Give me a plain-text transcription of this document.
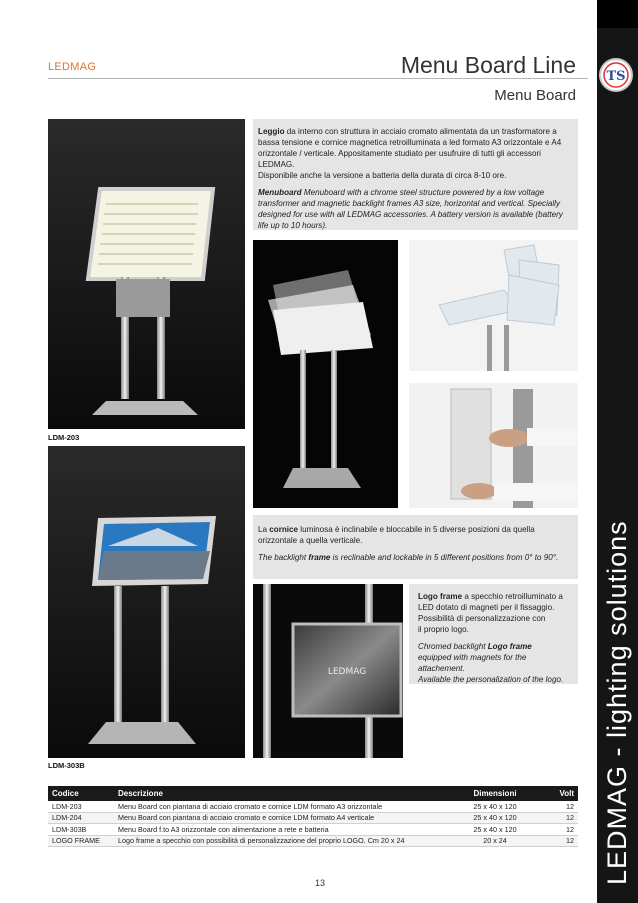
TS
LEDMAG - lighting solutions
LEDMAG	Menu Board Line
Menu Board
LDM-203

Leggio da interno con struttura in acciaio cromato alimentata da un trasformatore a bassa tensione e cornice magnetica retroilluminata a led formato A3 orizzontale e A4 orizzontale / verticale. Appositamente studiato per usufruire di tutti gli accessori LEDMAG.
Disponibile anche la versione a batteria della durata di circa 8-10 ore.

Menuboard Menuboard with a chrome steel structure powered by a low voltage transformer and magnetic backlight frames A3 size, horizontal and vertical. Specially designed for use with all LEDMAG accessories. A battery version is available (battery life up to 10 hours).

LDM-303B

La cornice luminosa è inclinabile e bloccabile in 5 diverse posizioni da quella orizzontale a quella verticale.

The backlight frame is reclinable and lockable in 5 different positions from 0° to 90°.

LEDMAG

Logo frame a specchio retroilluminato a
LED dotato di magneti per il fissaggio.
Possibilità di personalizzazione con
il proprio logo.

Chromed backlight Logo frame
equipped with magnets for the attachement.
Available the personalization of the logo.

Codice	Descrizione	Dimensioni	Volt
LDM-203	Menu Board con piantana di acciaio cromato e cornice LDM formato A3 orizzontale	25 x 40 x 120	12
LDM-204	Menu Board con piantana di acciaio cromato e cornice LDM formato A4 verticale	25 x 40 x 120	12
LDM-303B	Menu Board f.to A3 orizzontale con alimentazione a rete e batteria	25 x 40 x 120	12
LOGO FRAME	Logo frame a specchio con possibilità di personalizzazione del proprio LOGO. Cm 20 x 24	20 x 24	12
13
